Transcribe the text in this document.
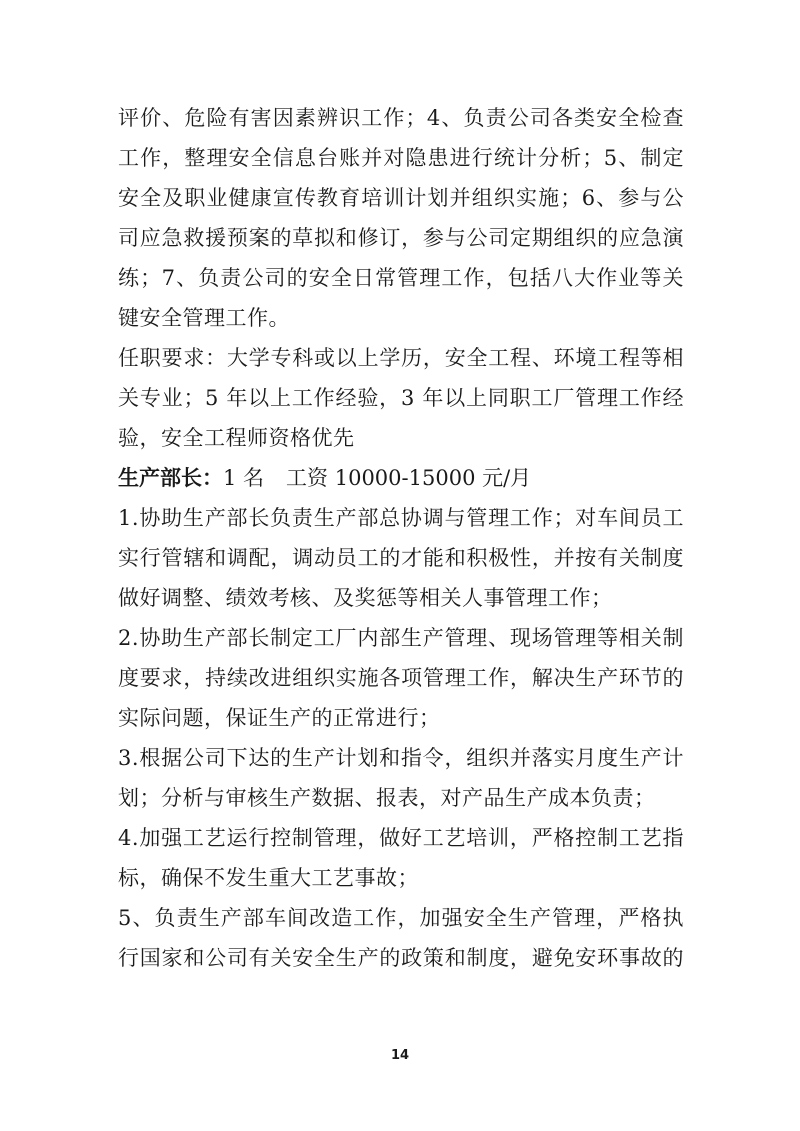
评价、危险有害因素辨识工作；4、负责公司各类安全检查
工作，整理安全信息台账并对隐患进行统计分析；5、制定
安全及职业健康宣传教育培训计划并组织实施；6、参与公
司应急救援预案的草拟和修订，参与公司定期组织的应急演
练；7、负责公司的安全日常管理工作，包括八大作业等关
键安全管理工作。
任职要求：大学专科或以上学历，安全工程、环境工程等相
关专业；5 年以上工作经验，3 年以上同职工厂管理工作经
验，安全工程师资格优先
生产部长：1 名 工资 10000-15000 元/月
1.协助生产部长负责生产部总协调与管理工作；对车间员工
实行管辖和调配，调动员工的才能和积极性，并按有关制度
做好调整、绩效考核、及奖惩等相关人事管理工作；
2.协助生产部长制定工厂内部生产管理、现场管理等相关制
度要求，持续改进组织实施各项管理工作，解决生产环节的
实际问题，保证生产的正常进行；
3.根据公司下达的生产计划和指令，组织并落实月度生产计
划；分析与审核生产数据、报表，对产品生产成本负责；
4.加强工艺运行控制管理，做好工艺培训，严格控制工艺指
标，确保不发生重大工艺事故；
5、负责生产部车间改造工作，加强安全生产管理，严格执
行国家和公司有关安全生产的政策和制度，避免安环事故的
14
